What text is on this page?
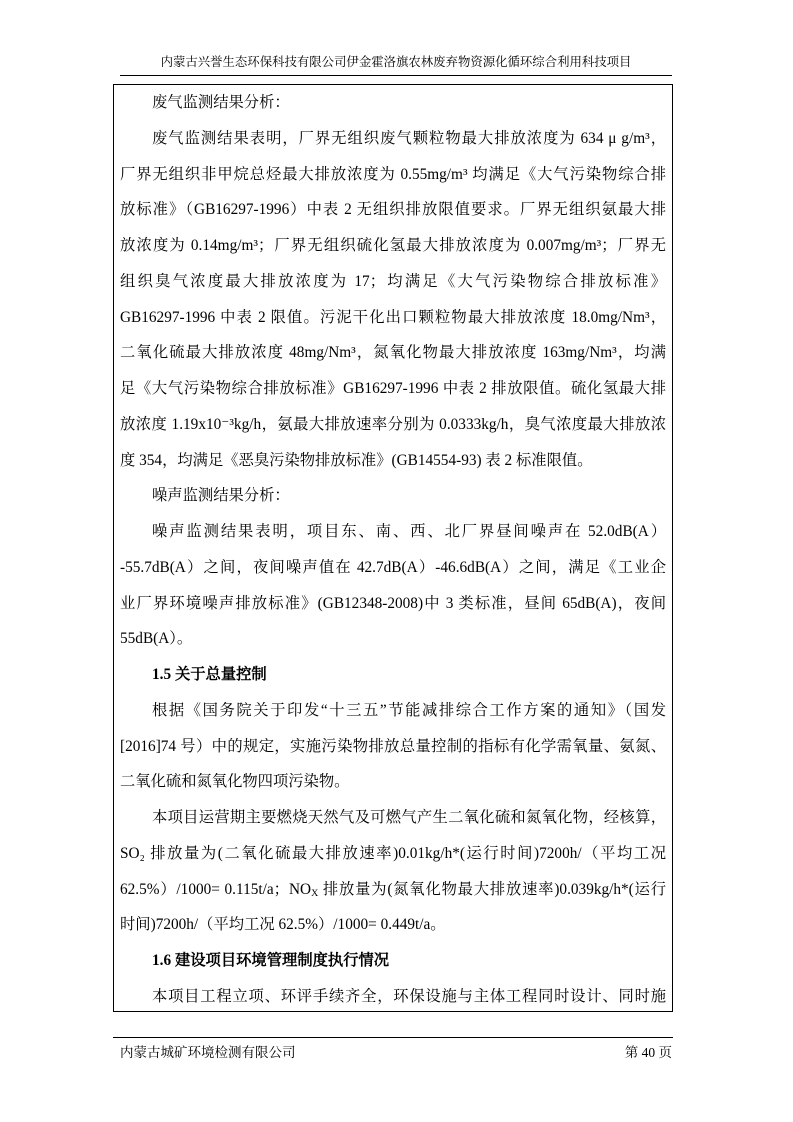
内蒙古兴誉生态环保科技有限公司伊金霍洛旗农林废弃物资源化循环综合利用科技项目
废气监测结果分析：
废气监测结果表明，厂界无组织废气颗粒物最大排放浓度为 634 μ g/m³，
厂界无组织非甲烷总烃最大排放浓度为 0.55mg/m³ 均满足《大气污染物综合排
放标准》（GB16297-1996）中表 2 无组织排放限值要求。厂界无组织氨最大排
放浓度为 0.14mg/m³；厂界无组织硫化氢最大排放浓度为 0.007mg/m³；厂界无
组织臭气浓度最大排放浓度为 17；均满足《大气污染物综合排放标准》
GB16297-1996 中表 2 限值。污泥干化出口颗粒物最大排放浓度 18.0mg/Nm³，
二氧化硫最大排放浓度 48mg/Nm³，氮氧化物最大排放浓度 163mg/Nm³，均满
足《大气污染物综合排放标准》GB16297-1996 中表 2 排放限值。硫化氢最大排
放浓度 1.19x10⁻³kg/h，氨最大排放速率分别为 0.0333kg/h，臭气浓度最大排放浓
度 354，均满足《恶臭污染物排放标准》(GB14554-93) 表 2 标准限值。
噪声监测结果分析：
噪声监测结果表明，项目东、南、西、北厂界昼间噪声在 52.0dB(A）
-55.7dB(A）之间，夜间噪声值在 42.7dB(A）-46.6dB(A）之间，满足《工业企
业厂界环境噪声排放标准》(GB12348-2008)中 3 类标准，昼间 65dB(A)，夜间
55dB(A）。
1.5 关于总量控制
根据《国务院关于印发“十三五”节能减排综合工作方案的通知》（国发
[2016]74 号）中的规定，实施污染物排放总量控制的指标有化学需氧量、氨氮、
二氧化硫和氮氧化物四项污染物。
本项目运营期主要燃烧天然气及可燃气产生二氧化硫和氮氧化物，经核算，
SO₂ 排放量为(二氧化硫最大排放速率)0.01kg/h*(运行时间)7200h/（平均工况
62.5%）/1000= 0.115t/a；$NO_X$ 排放量为(氮氧化物最大排放速率)0.039kg/h*(运行
时间)7200h/（平均工况 62.5%）/1000= 0.449t/a。
1.6 建设项目环境管理制度执行情况
本项目工程立项、环评手续齐全，环保设施与主体工程同时设计、同时施
内蒙古城矿环境检测有限公司	第 40 页
